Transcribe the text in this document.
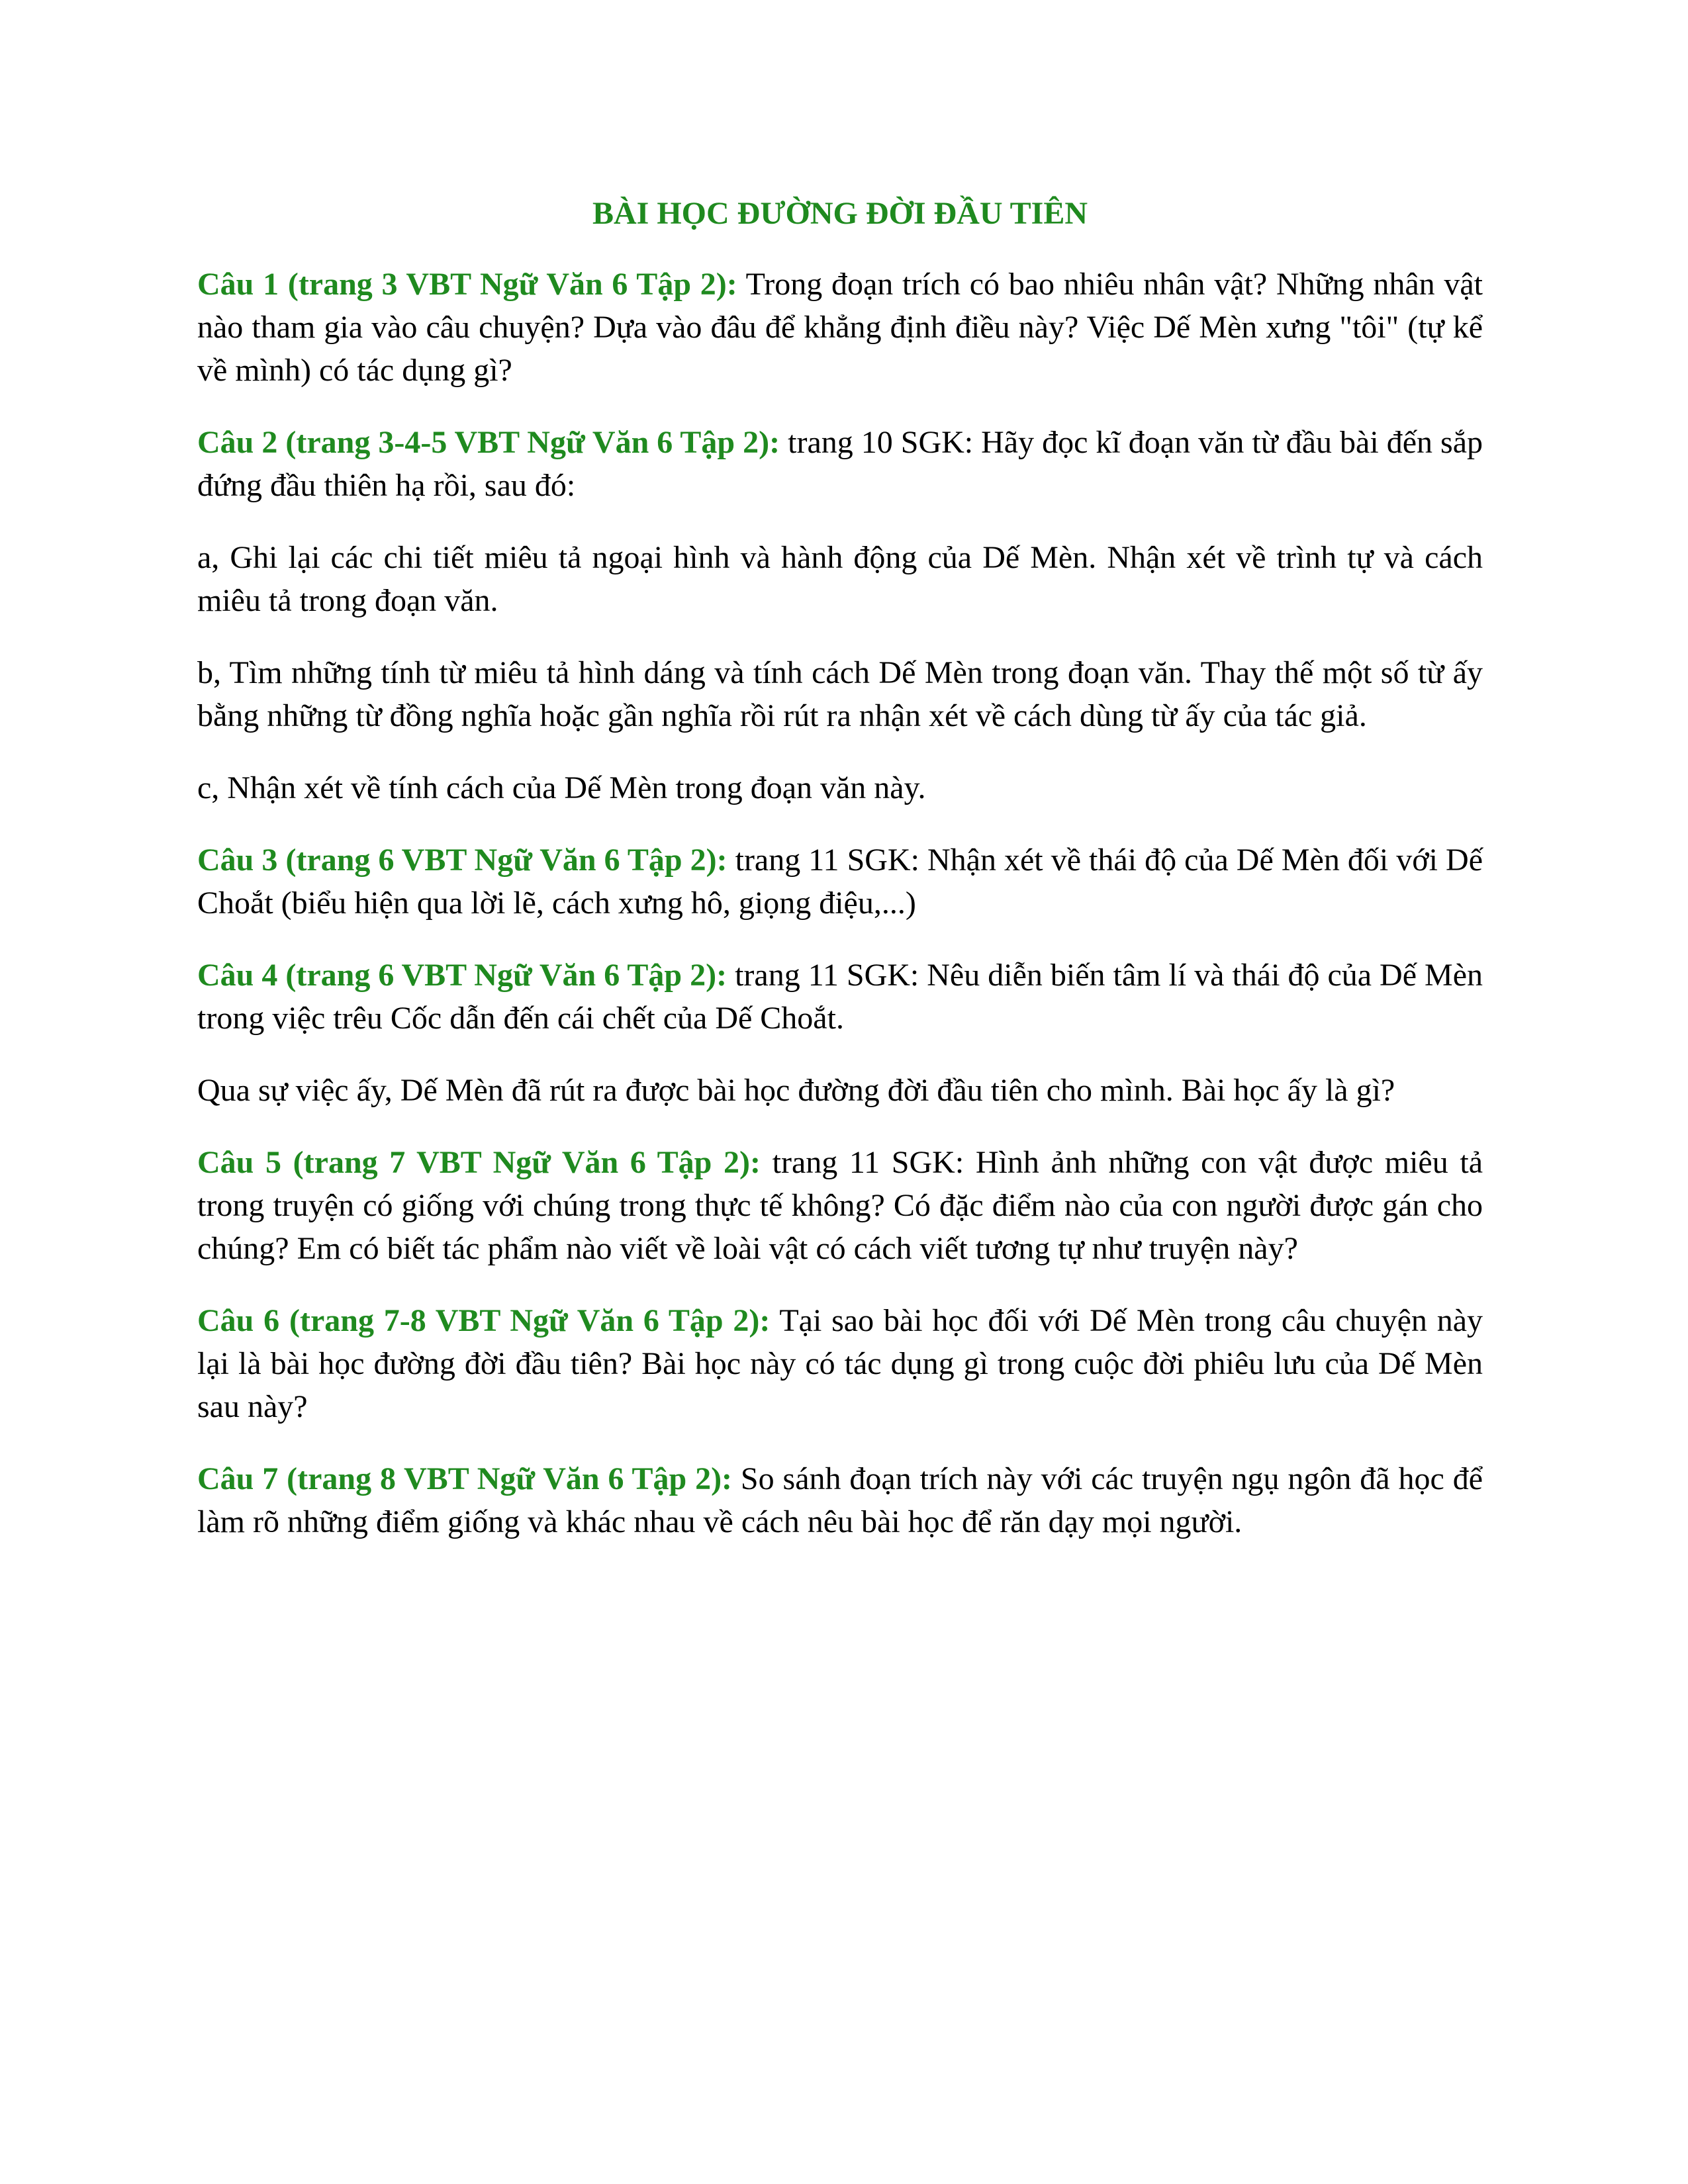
BÀI HỌC ĐƯỜNG ĐỜI ĐẦU TIÊN

Câu 1 (trang 3 VBT Ngữ Văn 6 Tập 2): Trong đoạn trích có bao nhiêu nhân vật? Những nhân vật nào tham gia vào câu chuyện? Dựa vào đâu để khẳng định điều này? Việc Dế Mèn xưng "tôi" (tự kể về mình) có tác dụng gì?

Câu 2 (trang 3-4-5 VBT Ngữ Văn 6 Tập 2): trang 10 SGK: Hãy đọc kĩ đoạn văn từ đầu bài đến sắp đứng đầu thiên hạ rồi, sau đó:

a, Ghi lại các chi tiết miêu tả ngoại hình và hành động của Dế Mèn. Nhận xét về trình tự và cách miêu tả trong đoạn văn.

b, Tìm những tính từ miêu tả hình dáng và tính cách Dế Mèn trong đoạn văn. Thay thế một số từ ấy bằng những từ đồng nghĩa hoặc gần nghĩa rồi rút ra nhận xét về cách dùng từ ấy của tác giả.

c, Nhận xét về tính cách của Dế Mèn trong đoạn văn này.

Câu 3 (trang 6 VBT Ngữ Văn 6 Tập 2): trang 11 SGK: Nhận xét về thái độ của Dế Mèn đối với Dế Choắt (biểu hiện qua lời lẽ, cách xưng hô, giọng điệu,...)

Câu 4 (trang 6 VBT Ngữ Văn 6 Tập 2): trang 11 SGK: Nêu diễn biến tâm lí và thái độ của Dế Mèn trong việc trêu Cốc dẫn đến cái chết của Dế Choắt.

Qua sự việc ấy, Dế Mèn đã rút ra được bài học đường đời đầu tiên cho mình. Bài học ấy là gì?

Câu 5 (trang 7 VBT Ngữ Văn 6 Tập 2): trang 11 SGK: Hình ảnh những con vật được miêu tả trong truyện có giống với chúng trong thực tế không? Có đặc điểm nào của con người được gán cho chúng? Em có biết tác phẩm nào viết về loài vật có cách viết tương tự như truyện này?

Câu 6 (trang 7-8 VBT Ngữ Văn 6 Tập 2): Tại sao bài học đối với Dế Mèn trong câu chuyện này lại là bài học đường đời đầu tiên? Bài học này có tác dụng gì trong cuộc đời phiêu lưu của Dế Mèn sau này?

Câu 7 (trang 8 VBT Ngữ Văn 6 Tập 2): So sánh đoạn trích này với các truyện ngụ ngôn đã học để làm rõ những điểm giống và khác nhau về cách nêu bài học để răn dạy mọi người.
